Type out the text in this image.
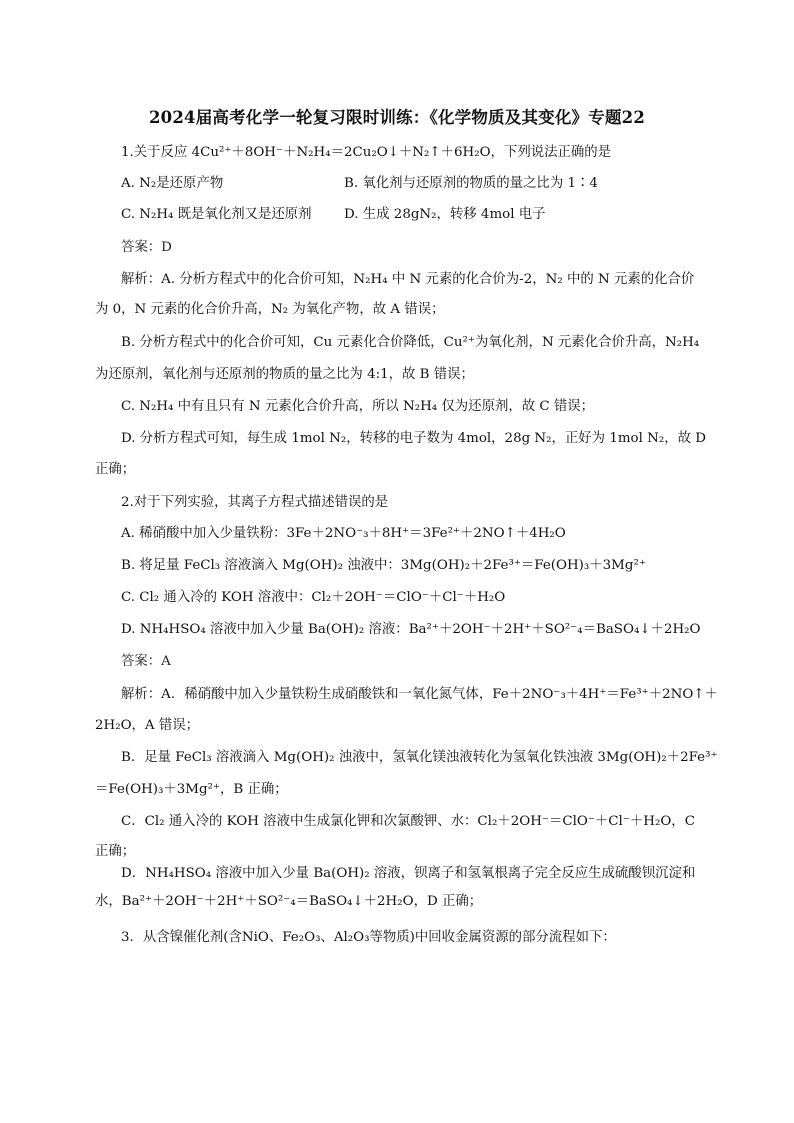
2024届高考化学一轮复习限时训练：《化学物质及其变化》专题22
1.关于反应 4Cu²⁺＋8OH⁻＋N₂H₄＝2Cu₂O↓＋N₂↑＋6H₂O，下列说法正确的是
A. N₂是还原产物	B. 氧化剂与还原剂的物质的量之比为 1∶4
C. N₂H₄ 既是氧化剂又是还原剂 D. 生成 28gN₂，转移 4mol 电子
答案：D
解析：A. 分析方程式中的化合价可知，N₂H₄ 中 N 元素的化合价为-2，N₂ 中的 N 元素的化合价
为 0，N 元素的化合价升高，N₂ 为氧化产物，故 A 错误；
B. 分析方程式中的化合价可知，Cu 元素化合价降低，Cu²⁺为氧化剂，N 元素化合价升高，N₂H₄
为还原剂，氧化剂与还原剂的物质的量之比为 4:1，故 B 错误；
C. N₂H₄ 中有且只有 N 元素化合价升高，所以 N₂H₄ 仅为还原剂，故 C 错误；
D. 分析方程式可知，每生成 1mol N₂，转移的电子数为 4mol，28g N₂，正好为 1mol N₂，故 D
正确；
2.对于下列实验，其离子方程式描述错误的是
A. 稀硝酸中加入少量铁粉：3Fe＋2NO⁻₃＋8H⁺＝3Fe²⁺＋2NO↑＋4H₂O
B. 将足量 FeCl₃ 溶液滴入 Mg(OH)₂ 浊液中：3Mg(OH)₂＋2Fe³⁺＝Fe(OH)₃＋3Mg²⁺
C. Cl₂ 通入冷的 KOH 溶液中：Cl₂＋2OH⁻＝ClO⁻＋Cl⁻＋H₂O
D. NH₄HSO₄ 溶液中加入少量 Ba(OH)₂ 溶液：Ba²⁺＋2OH⁻＋2H⁺＋SO²⁻₄＝BaSO₄↓＋2H₂O
答案：A
解析：A．稀硝酸中加入少量铁粉生成硝酸铁和一氧化氮气体，Fe＋2NO⁻₃＋4H⁺＝Fe³⁺＋2NO↑＋
2H₂O，A 错误；
B．足量 FeCl₃ 溶液滴入 Mg(OH)₂ 浊液中，氢氧化镁浊液转化为氢氧化铁浊液 3Mg(OH)₂＋2Fe³⁺
＝Fe(OH)₃＋3Mg²⁺，B 正确；
C．Cl₂ 通入冷的 KOH 溶液中生成氯化钾和次氯酸钾、水：Cl₂＋2OH⁻＝ClO⁻＋Cl⁻＋H₂O，C
正确；
D．NH₄HSO₄ 溶液中加入少量 Ba(OH)₂ 溶液，钡离子和氢氧根离子完全反应生成硫酸钡沉淀和
水，Ba²⁺＋2OH⁻＋2H⁺＋SO²⁻₄＝BaSO₄↓＋2H₂O，D 正确；
3．从含镍催化剂(含NiO、Fe₂O₃、Al₂O₃等物质)中回收金属资源的部分流程如下：
